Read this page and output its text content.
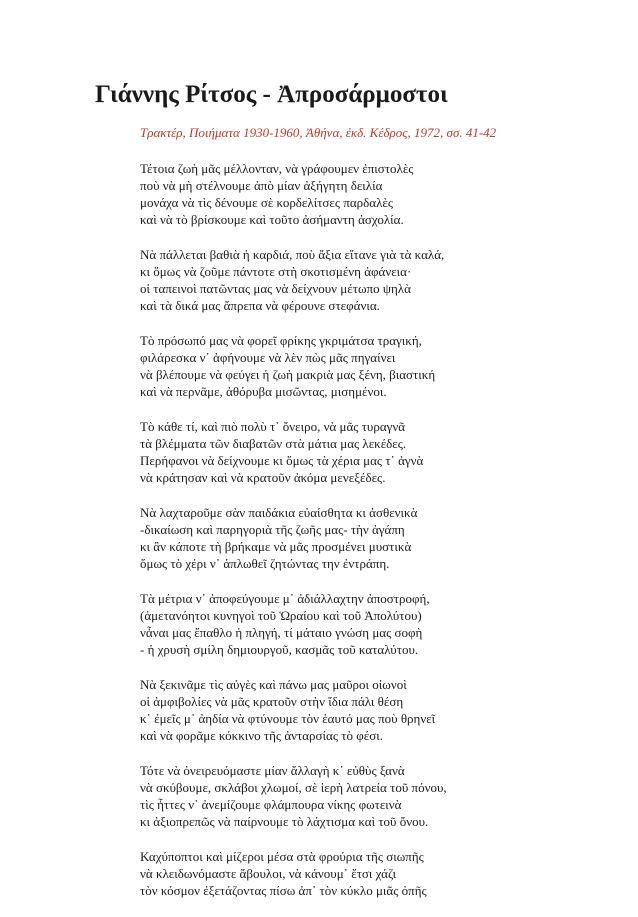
Γιάννης Ρίτσος - Ἀπροσάρμοστοι

Τρακτέρ, Ποιήματα 1930-1960, Ἀθήνα, ἐκδ. Κέδρος, 1972, σσ. 41-42

Τέτοια ζωὴ μᾶς μέλλονταν, νὰ γράφουμεν ἐπιστολὲς
ποὺ νὰ μὴ στέλνουμε ἀπὸ μίαν ἀξήγητη δειλία
μονάχα νὰ τὶς δένουμε σὲ κορδελίτσες παρδαλὲς
καὶ νὰ τὸ βρίσκουμε καὶ τοῦτο ἀσήμαντη ἀσχολία.
Νὰ πάλλεται βαθιὰ ἡ καρδιά, ποὺ ἄξια εἴτανε γιὰ τὰ καλά,
κι ὅμως νὰ ζοῦμε πάντοτε στὴ σκοτισμένη ἀφάνεια·
οἱ ταπεινοὶ πατῶντας μας νὰ δείχνουν μέτωπο ψηλὰ
καὶ τὰ δικά μας ἄπρεπα νὰ φέρουνε στεφάνια.
Τὸ πρόσωπό μας νὰ φορεῖ φρίκης γκριμάτσα τραγική,
φιλάρεσκα ν᾿ ἀφήνουμε νὰ λὲν πὼς μᾶς πηγαίνει
νὰ βλέπουμε νὰ φεύγει ἡ ζωὴ μακριὰ μας ξένη, βιαστική
καὶ νὰ περνᾶμε, ἀθόρυβα μισῶντας, μισημένοι.
Τὸ κάθε τί, καὶ πιὸ πολὺ τ᾿ ὄνειρο, νὰ μᾶς τυραγνᾶ
τὰ βλέμματα τῶν διαβατῶν στὰ μάτια μας λεκέδες.
Περήφανοι νὰ δείχνουμε κι ὅμως τὰ χέρια μας τ᾿ ἀγνὰ
νὰ κράτησαν καὶ νὰ κρατοῦν ἀκόμα μενεξέδες.
Νὰ λαχταροῦμε σὰν παιδάκια εὐαίσθητα κι ἀσθενικὰ
-δικαίωση καὶ παρηγοριὰ τῆς ζωῆς μας- τὴν ἀγάπη
κι ἂν κάποτε τὴ βρήκαμε νὰ μᾶς προσμένει μυστικὰ
ὅμως τὸ χέρι ν᾿ ἁπλωθεῖ ζητώντας την ἐντράπη.
Τὰ μέτρια ν᾿ ἀποφεύγουμε μ᾿ ἀδιάλλαχτην ἀποστροφή,
(ἀμετανόητοι κυνηγοὶ τοῦ Ὡραίου καὶ τοῦ Ἀπολύτου)
νἆναι μας ἔπαθλο ἡ πληγή, τί μάταιο γνώση μας σοφὴ
- ἡ χρυσὴ σμίλη δημιουργοῦ, κασμᾶς τοῦ καταλύτου.
Νὰ ξεκινᾶμε τὶς αὐγὲς καὶ πάνω μας μαῦροι οἰωνοὶ
οἱ ἀμφιβολίες νὰ μᾶς κρατοῦν στὴν ἴδια πάλι θέση
κ᾿ ἐμεῖς μ᾿ ἀηδία νὰ φτύνουμε τὸν ἑαυτό μας ποὺ θρηνεῖ
καὶ νὰ φορᾶμε κόκκινο τῆς ἀνταρσίας τὸ φέσι.
Τότε νὰ ὀνειρευόμαστε μίαν ἄλλαγὴ κ᾿ εὐθὺς ξανὰ
νὰ σκύβουμε, σκλάβοι χλωμοί, σὲ ἱερὴ λατρεία τοῦ πόνου,
τὶς ἧττες ν᾿ ἀνεμίζουμε φλάμπουρα νίκης φωτεινὰ
κι ἀξιοπρεπῶς νὰ παίρνουμε τὸ λάχτισμα καὶ τοῦ ὄνου.
Καχύποπτοι καὶ μίζεροι μέσα στὰ φρούρια τῆς σιωπῆς
νὰ κλειδωνόμαστε ἄβουλοι, νὰ κάνουμ᾿ ἔτσι χάζι
τὸν κόσμον ἐξετάζοντας πίσω ἀπ᾿ τὸν κύκλο μιᾶς ὀπῆς
